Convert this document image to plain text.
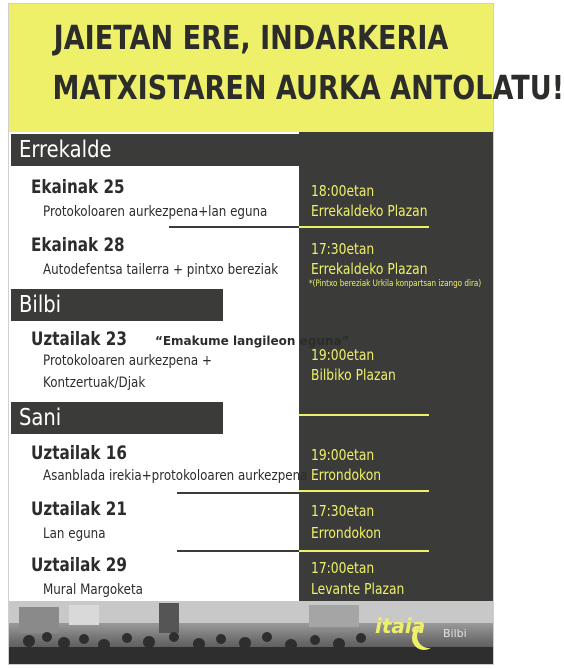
JAIETAN ERE, INDARKERIA
MATXISTAREN AURKA ANTOLATU!
Errekalde
Bilbi
Sani
Ekainak 25
Protokoloaren aurkezpena+lan eguna
18:00etan
Errekaldeko Plazan
Ekainak 28
Autodefentsa tailerra + pintxo bereziak
17:30etan
Errekaldeko Plazan
*(Pintxo bereziak Urkila konpartsan izango dira)
Uztailak 23 “Emakume langileon eguna”
Protokoloaren aurkezpena +
Kontzertuak/Djak
19:00etan
Bilbiko Plazan
Uztailak 16
Asanblada irekia+protokoloaren aurkezpena
19:00etan
Errondokon
Uztailak 21
Lan eguna
17:30etan
Errondokon
Uztailak 29
Mural Margoketa
17:00etan
Levante Plazan
itaia Bilbi
